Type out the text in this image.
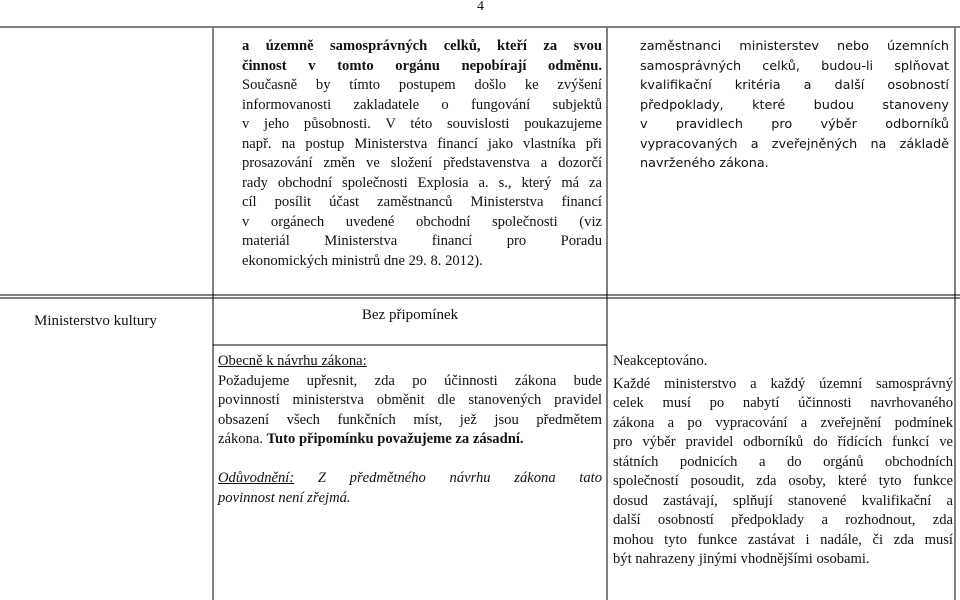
4

a územně samosprávných celků, kteří za svou

činnost v tomto orgánu nepobírají odměnu.

Současně by tímto postupem došlo ke zvýšení

informovanosti zakladatele o fungování subjektů

v jeho působnosti. V této souvislosti poukazujeme

např. na postup Ministerstva financí jako vlastníka při

prosazování změn ve složení představenstva a dozorčí

rady obchodní společnosti Explosia a. s., který má za

cíl posílit účast zaměstnanců Ministerstva financí

v orgánech uvedené obchodní společnosti (viz

materiál Ministerstva financí pro Poradu

ekonomických ministrů dne 29. 8. 2012).

zaměstnanci ministerstev nebo územních

samosprávných celků, budou-li splňovat

kvalifikační kritéria a další osobností

předpoklady, které budou stanoveny

v pravidlech pro výběr odborníků

vypracovaných a zveřejněných na základě

navrženého zákona.

Ministerstvo kultury	Bez připomínek

Obecně k návrhu zákona:

Požadujeme upřesnit, zda po účinnosti zákona bude

povinností ministerstva obměnit dle stanovených pravidel

obsazení všech funkčních míst, jež jsou předmětem

zákona. Tuto připomínku považujeme za zásadní.

Odůvodnění: Z předmětného návrhu zákona tato

povinnost není zřejmá.

Neakceptováno.

Každé ministerstvo a každý územní samosprávný

celek musí po nabytí účinnosti navrhovaného

zákona a po vypracování a zveřejnění podmínek

pro výběr pravidel odborníků do řídících funkcí ve

státních podnicích a do orgánů obchodních

společností posoudit, zda osoby, které tyto funkce

dosud zastávají, splňují stanovené kvalifikační a

další osobností předpoklady a rozhodnout, zda

mohou tyto funkce zastávat i nadále, či zda musí

být nahrazeny jinými vhodnějšími osobami.
